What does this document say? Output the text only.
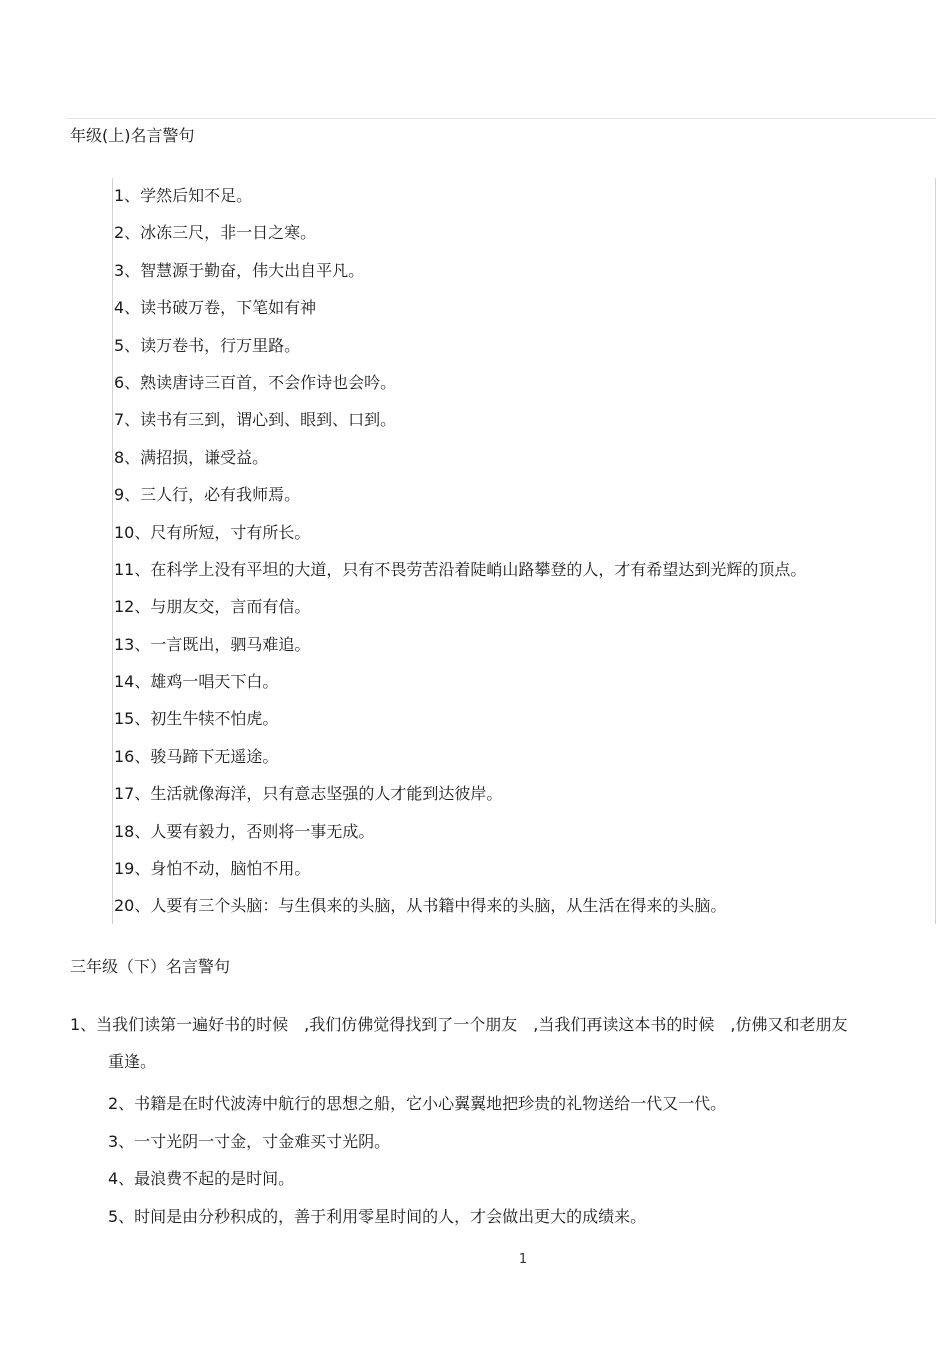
年级(上)名言警句
1、学然后知不足。
2、冰冻三尺，非一日之寒。
3、智慧源于勤奋，伟大出自平凡。
4、读书破万卷，下笔如有神
5、读万卷书，行万里路。
6、熟读唐诗三百首，不会作诗也会吟。
7、读书有三到，谓心到、眼到、口到。
8、满招损，谦受益。
9、三人行，必有我师焉。
10、尺有所短，寸有所长。
11、在科学上没有平坦的大道，只有不畏劳苦沿着陡峭山路攀登的人，才有希望达到光辉的顶点。
12、与朋友交，言而有信。
13、一言既出，驷马难追。
14、雄鸡一唱天下白。
15、初生牛犊不怕虎。
16、骏马蹄下无遥途。
17、生活就像海洋，只有意志坚强的人才能到达彼岸。
18、人要有毅力，否则将一事无成。
19、身怕不动，脑怕不用。
20、人要有三个头脑：与生俱来的头脑，从书籍中得来的头脑，从生活在得来的头脑。
三年级（下）名言警句
1、当我们读第一遍好书的时候　,我们仿佛觉得找到了一个朋友　,当我们再读这本书的时候　,仿佛又和老朋友
重逢。
2、书籍是在时代波涛中航行的思想之船，它小心翼翼地把珍贵的礼物送给一代又一代。
3、一寸光阴一寸金，寸金难买寸光阴。
4、最浪费不起的是时间。
5、时间是由分秒积成的，善于利用零星时间的人，才会做出更大的成绩来。
1
